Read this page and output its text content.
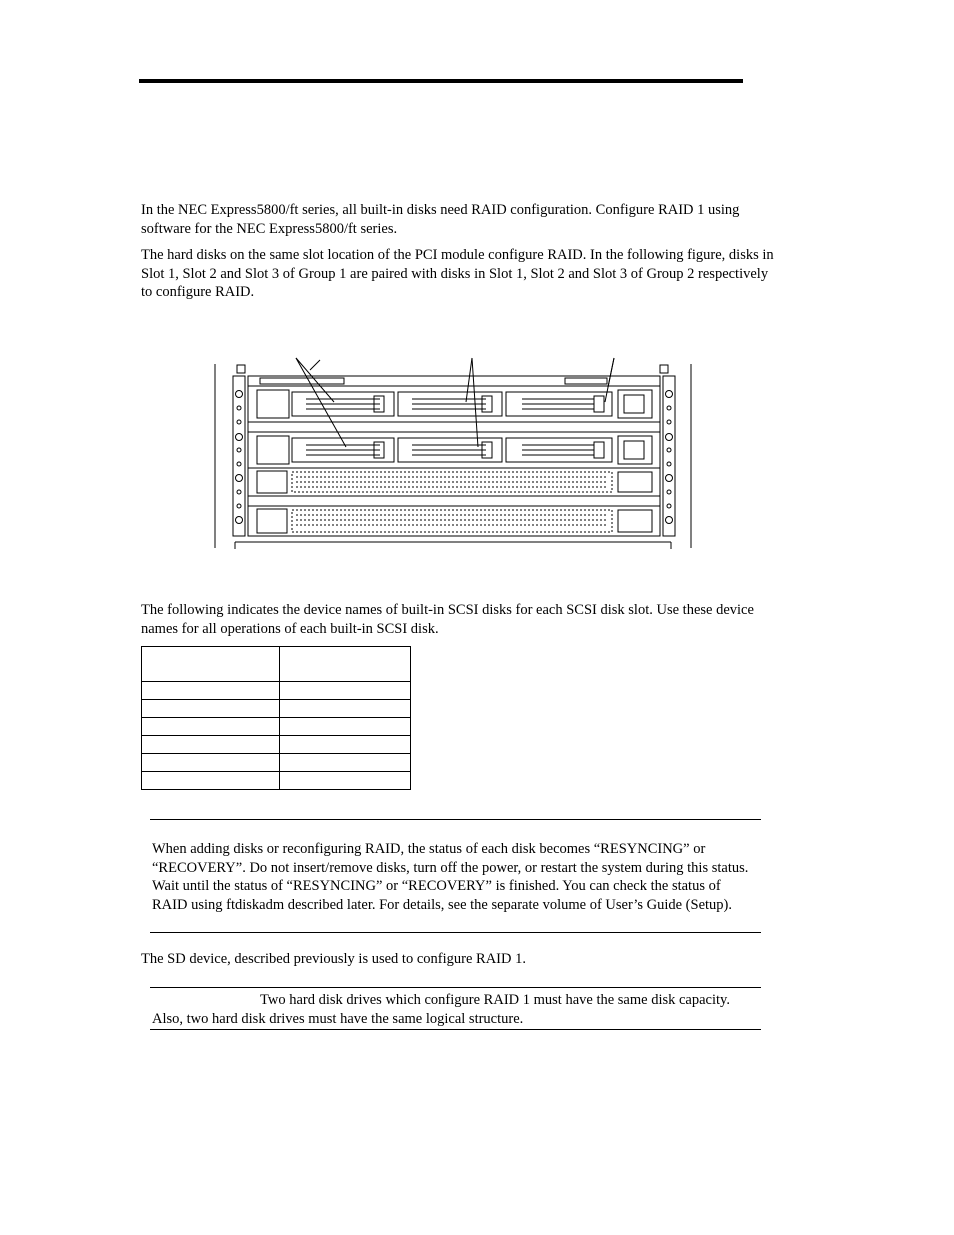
In the NEC Express5800/ft series, all built-in disks need RAID configuration. Configure RAID 1 using software for the NEC Express5800/ft series.

The hard disks on the same slot location of the PCI module configure RAID. In the following figure, disks in Slot 1, Slot 2 and Slot 3 of Group 1 are paired with disks in Slot 1, Slot 2 and Slot 3 of Group 2 respectively to configure RAID.

The following indicates the device names of built-in SCSI disks for each SCSI disk slot. Use these device names for all operations of each built-in SCSI disk.

When adding disks or reconfiguring RAID, the status of each disk becomes “RESYNCING” or “RECOVERY”. Do not insert/remove disks, turn off the power, or restart the system during this status. Wait until the status of “RESYNCING” or “RECOVERY” is finished. You can check the status of RAID using ftdiskadm described later. For details, see the separate volume of User’s Guide (Setup).

The SD device, described previously is used to configure RAID 1.

Two hard disk drives which configure RAID 1 must have the same disk capacity. Also, two hard disk drives must have the same logical structure.
